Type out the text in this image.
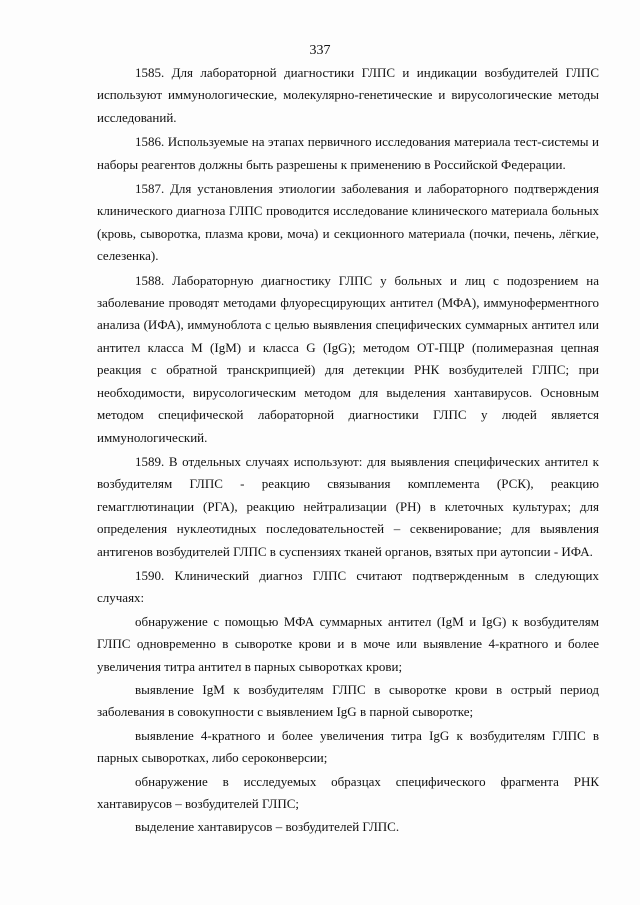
337

1585. Для лабораторной диагностики ГЛПС и индикации возбудителей ГЛПС используют иммунологические, молекулярно-генетические и вирусологические методы исследований.

1586. Используемые на этапах первичного исследования материала тест-системы и наборы реагентов должны быть разрешены к применению в Российской Федерации.

1587. Для установления этиологии заболевания и лабораторного подтверждения клинического диагноза ГЛПС проводится исследование клинического материала больных (кровь, сыворотка, плазма крови, моча) и секционного материала (почки, печень, лёгкие, селезенка).

1588. Лабораторную диагностику ГЛПС у больных и лиц с подозрением на заболевание проводят методами флуоресцирующих антител (МФА), иммуноферментного анализа (ИФА), иммуноблота с целью выявления специфических суммарных антител или антител класса M (IgM) и класса G (IgG); методом ОТ-ПЦР (полимеразная цепная реакция с обратной транскрипцией) для детекции РНК возбудителей ГЛПС; при необходимости, вирусологическим методом для выделения хантавирусов. Основным методом специфической лабораторной диагностики ГЛПС у людей является иммунологический.

1589. В отдельных случаях используют: для выявления специфических антител к возбудителям ГЛПС - реакцию связывания комплемента (РСК), реакцию гемагглютинации (РГА), реакцию нейтрализации (РН) в клеточных культурах; для определения нуклеотидных последовательностей – секвенирование; для выявления антигенов возбудителей ГЛПС в суспензиях тканей органов, взятых при аутопсии - ИФА.

1590. Клинический диагноз ГЛПС считают подтвержденным в следующих случаях:

обнаружение с помощью МФА суммарных антител (IgM и IgG) к возбудителям ГЛПС одновременно в сыворотке крови и в моче или выявление 4-кратного и более увеличения титра антител в парных сыворотках крови;

выявление IgM к возбудителям ГЛПС в сыворотке крови в острый период заболевания в совокупности с выявлением IgG в парной сыворотке;

выявление 4-кратного и более увеличения титра IgG к возбудителям ГЛПС в парных сыворотках, либо сероконверсии;

обнаружение в исследуемых образцах специфического фрагмента РНК хантавирусов – возбудителей ГЛПС;

выделение хантавирусов – возбудителей ГЛПС.
